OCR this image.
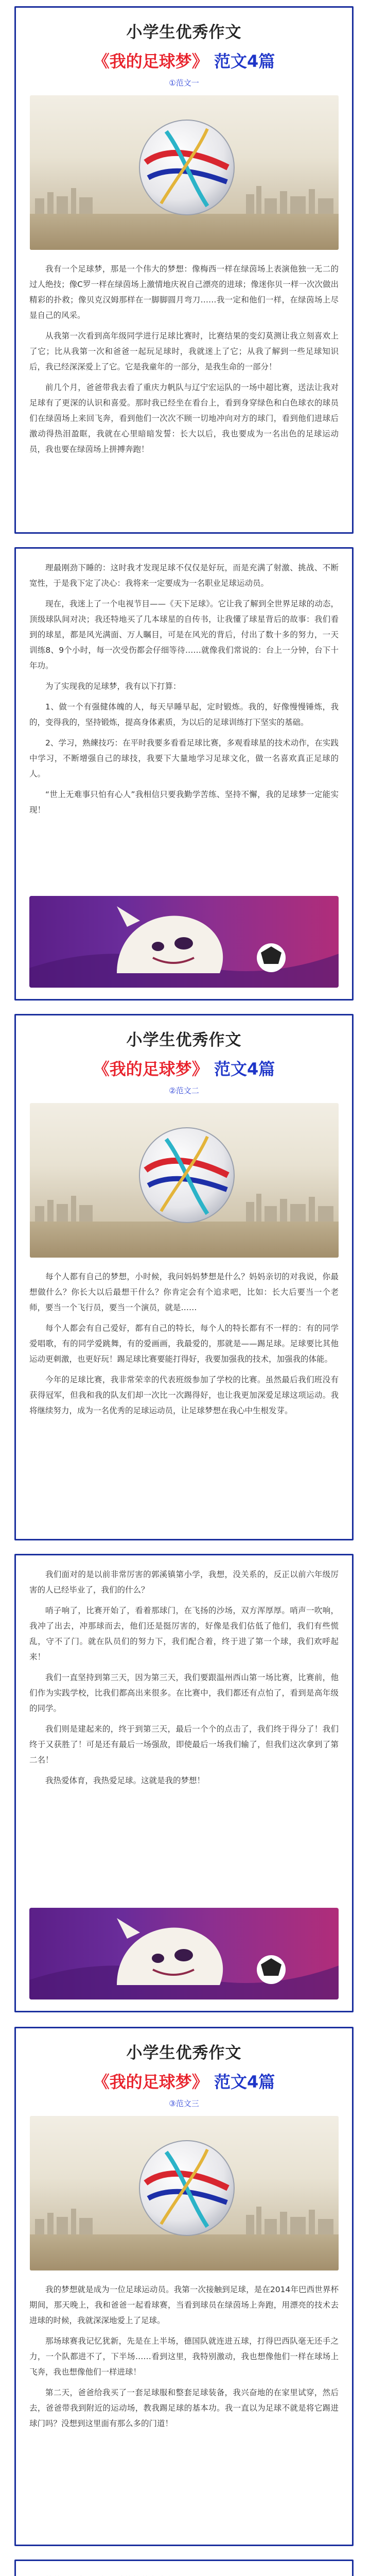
小学生优秀作文
《我的足球梦》 范文4篇
①范文一

我有一个足球梦，那是一个伟大的梦想：像梅西一样在绿茵场上表演他独一无二的过人绝技；像C罗一样在绿茵场上激情地庆祝自己漂亮的进球；像迷你贝一样一次次做出精彩的扑救；像贝克汉姆那样在一脚脚圆月弯刀……我一定和他们一样，在绿茵场上尽显自己的风采。

从我第一次看到高年级同学进行足球比赛时，比赛结果的变幻莫测让我立刻喜欢上了它；比从我第一次和爸爸一起玩足球时，我就迷上了它；从我了解到一些足球知识后，我已经深深爱上了它。它是我童年的一部分，是我生命的一部分！

前几个月，爸爸带我去看了重庆力帆队与辽宁宏运队的一场中超比赛，送法让我对足球有了更深的认识和喜爱。那时我已经坐在看台上，看到身穿绿色和白色球衣的球员们在绿茵场上来回飞奔，看到他们一次次不顾一切地冲向对方的球门，看到他们进球后激动得热泪盈眶，我就在心里暗暗发誓：长大以后，我也要成为一名出色的足球运动员，我也要在绿茵场上拼搏奔跑！

理最刚劲下睡的：这时我才发现足球不仅仅是好玩，而是充满了射激、挑战、不断宽性，于是我下定了决心：我将来一定要成为一名职业足球运动员。

现在，我迷上了一个电视节目——《天下足球》。它让我了解到全世界足球的动态，顶级球队间对决；我还特地买了几本球星的自传书，让我懂了球星背后的故事：我们看到的球星，都是风光满面、万人瞩目，可是在风光的背后，付出了数十多的努力，一天训练8、9个小时，每一次受伤都会仔细等待……就像我们常说的：台上一分钟，台下十年功。

为了实现我的足球梦，我有以下打算：

1、做一个有强健体魄的人，每天早睡早起，定时锻炼。我的，好像慢慢锤炼，我的，变得我的，坚持锻炼，提高身体素质，为以后的足球训练打下坚实的基础。

2、学习，熟練技巧：在平时我要多看看足球比赛，多观看球星的技术动作，在实践中学习，不断增强自己的球技，我要下大量地学习足球文化，做一名喜欢真正足球的人。

“世上无难事只怕有心人”我相信只要我勤学苦练、坚持不懈，我的足球梦一定能实现！

小学生优秀作文
《我的足球梦》 范文4篇
②范文二

每个人都有自己的梦想，小时候，我问妈妈梦想是什么？妈妈亲切的对我说，你最想做什么？你长大以后最想干什么？你肯定会有个追求吧，比如：长大后要当一个老师，要当一个飞行员，要当一个演员，就是……

每个人都会有自己爱好，都有自己的特长，每个人的特长都有不一样的：有的同学爱唱歌，有的同学爱跳舞，有的爱画画，我最爱的，那就是——踢足球。足球要比其他运动更刺激，也更好玩！踢足球比赛要能打得好，我要加强我的技术，加强我的体能。

今年的足球比赛，我非常荣幸的代表班级参加了学校的比赛。虽然最后我们班没有获得冠军，但我和我的队友们却一次比一次踢得好，也让我更加深爱足球这项运动。我将继续努力，成为一名优秀的足球运动员，让足球梦想在我心中生根发芽。

我们面对的是以前非常厉害的郭溪镇第小学，我想，没关系的，反正以前六年级厉害的人已经毕业了，我们的什么？

哨子响了，比赛开始了，看着那球门，在飞扬的沙场，双方浑厚厚。哨声一吹响，我冲了出去，冲那球而去，他们还是挺厉害的，好像是我们估低了他们，我们有些慌乱，守不了门。就在队员们的努力下，我们配合着，终于进了第一个球，我们欢呼起来！

我们一直坚持到第三天，因为第三天，我们要跟温州西山第一场比赛，比赛前，他们作为实践学校，比我们都高出来很多。在比赛中，我们都还有点怕了，看到是高年级的同学。

我们则是建起来的，终于到第三天，最后一个个的点击了，我们终于得分了！我们终于又获胜了！可是还有最后一场强敌，即使最后一场我们输了，但我们这次拿到了第二名！

我热爱体育，我热爱足球。这就是我的梦想！

小学生优秀作文
《我的足球梦》 范文4篇
③范文三

我的梦想就是成为一位足球运动员。我第一次接触到足球，是在2014年巴西世界杯期间，那天晚上，我和爸爸一起看球赛，当看到球员在绿茵场上奔跑，用漂亮的技术去进球的时候，我就深深地爱上了足球。

那场球赛我记忆犹新，先是在上半场，德国队就连进五球，打得巴西队毫无还手之力，一个队都进不了，下半场……看到这里，我特别激动，我也想像他们一样在球场上飞奔，我也想像他们一样进球！

第二天，爸爸给我买了一套足球服和整套足球装备，我兴奋地的在家里试穿，然后去，爸爸带我到附近的运动场，教我踢足球的基本功。我一直以为足球不就是将它踢进球门吗？没想到这里面有那么多的门道！
